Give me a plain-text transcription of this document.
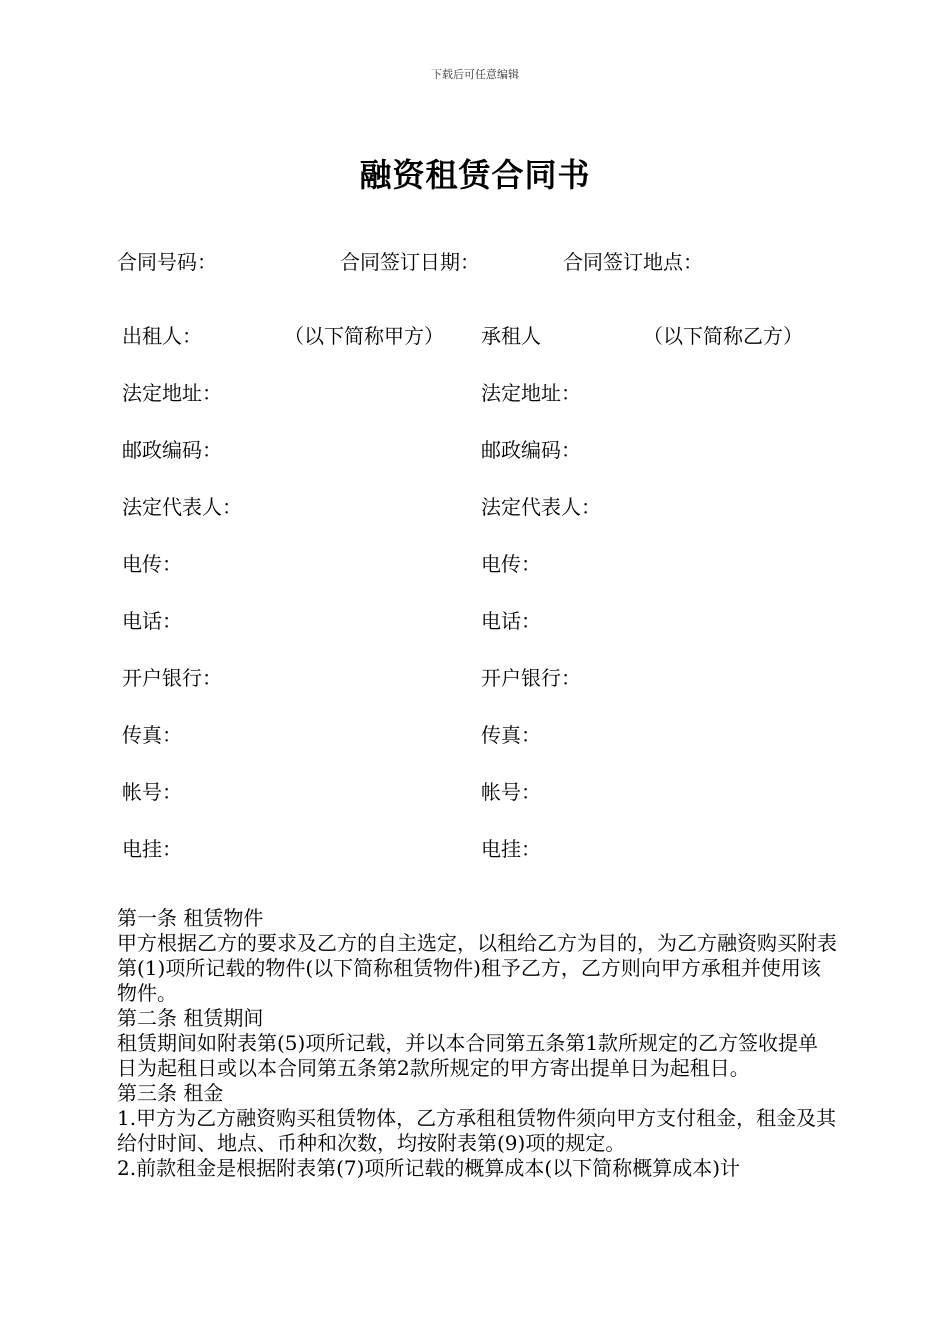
下载后可任意编辑
融资租赁合同书
合同号码：	合同签订日期：	合同签订地点：
出租人：	（以下简称甲方） 承租人	（以下简称乙方）
法定地址：	法定地址：
邮政编码：	邮政编码：
法定代表人：	法定代表人：
电传：	电传：
电话：	电话：
开户银行：	开户银行：
传真：	传真：
帐号：	帐号：
电挂：	电挂：

第一条 租赁物件

甲方根据乙方的要求及乙方的自主选定，以租给乙方为目的，为乙方融资购买附表第(1)项所记载的物件(以下简称租赁物件)租予乙方，乙方则向甲方承租并使用该物件。

第二条 租赁期间

租赁期间如附表第(5)项所记载，并以本合同第五条第1款所规定的乙方签收提单日为起租日或以本合同第五条第2款所规定的甲方寄出提单日为起租日。

第三条 租金

1.甲方为乙方融资购买租赁物体，乙方承租租赁物件须向甲方支付租金，租金及其给付时间、地点、币种和次数，均按附表第(9)项的规定。

2.前款租金是根据附表第(7)项所记载的概算成本(以下简称概算成本)计
